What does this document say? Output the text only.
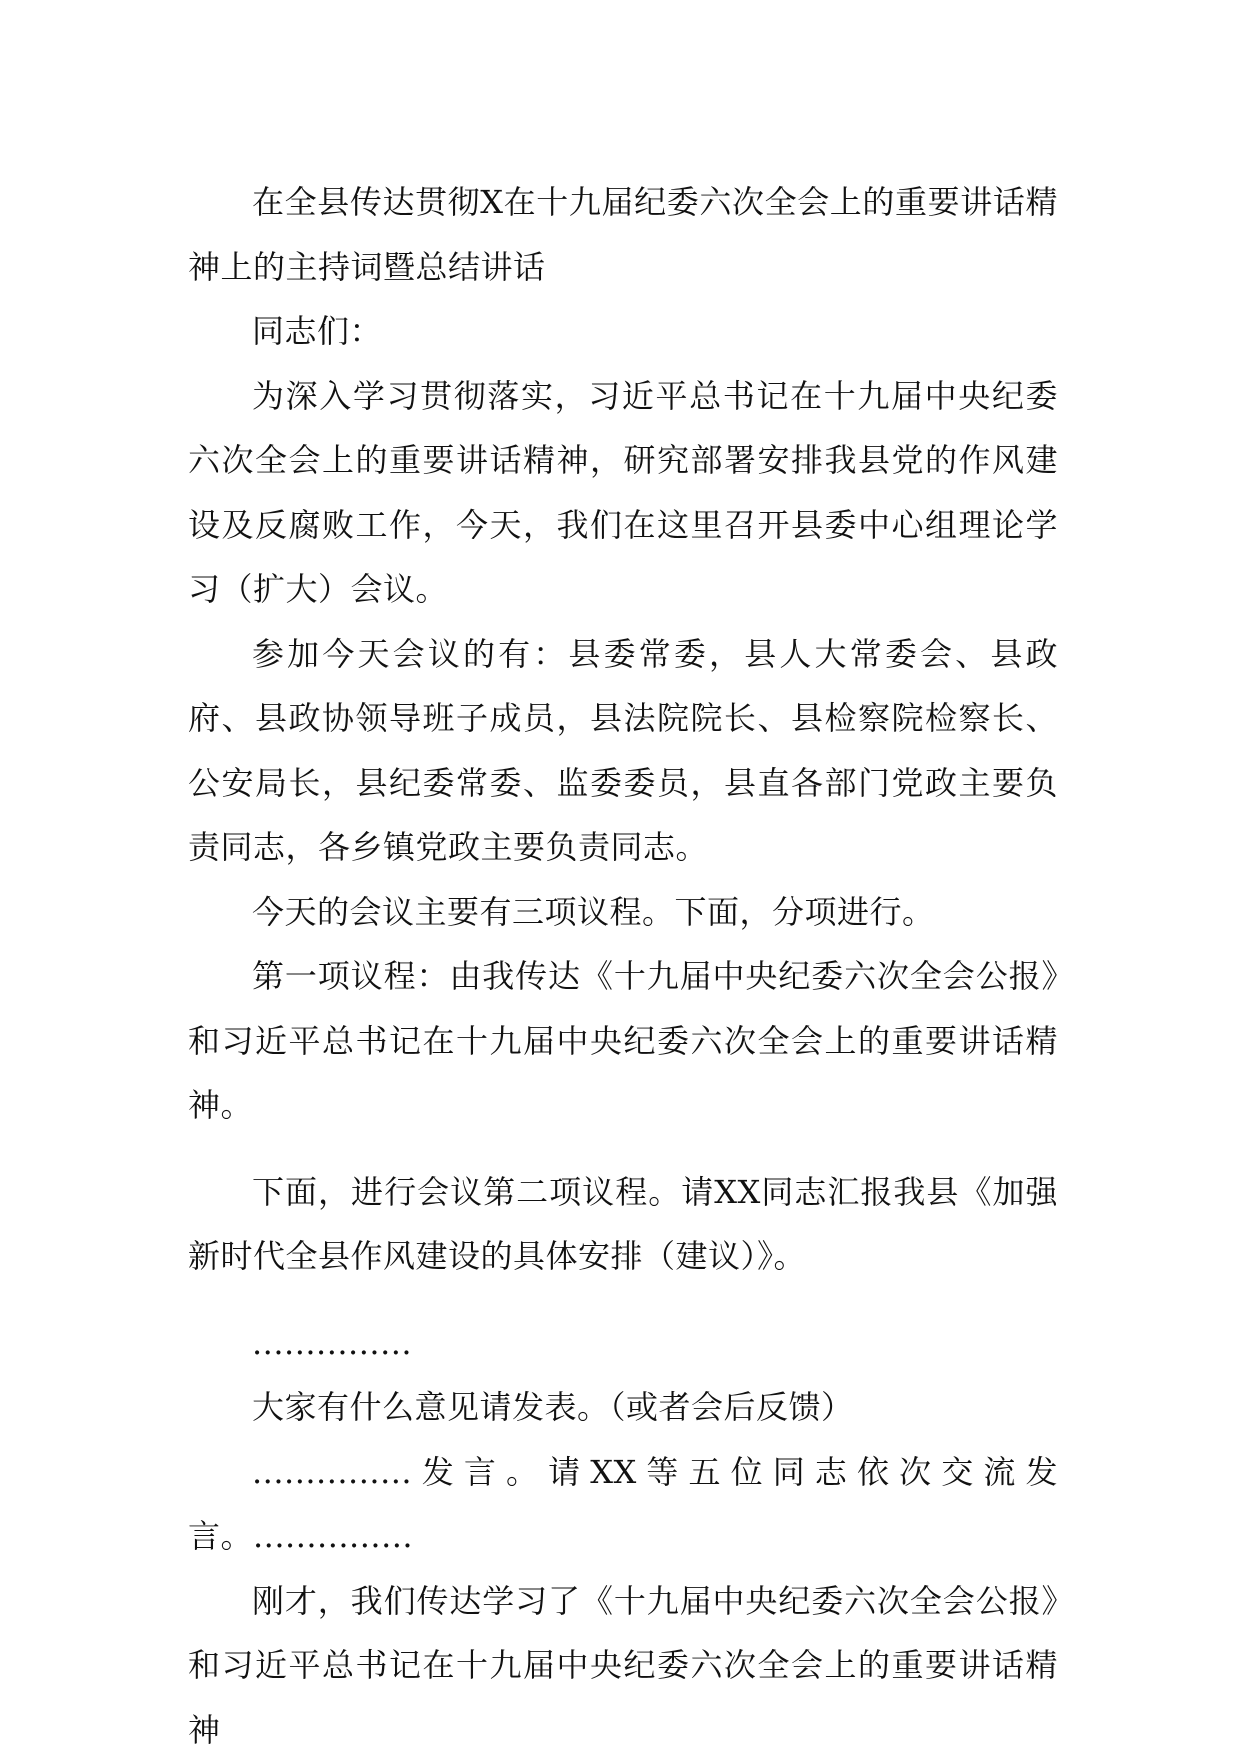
在全县传达贯彻X在十九届纪委六次全会上的重要讲话精神上的主持词暨总结讲话

同志们：

为深入学习贯彻落实，习近平总书记在十九届中央纪委六次全会上的重要讲话精神，研究部署安排我县党的作风建设及反腐败工作，今天，我们在这里召开县委中心组理论学习（扩大）会议。

参加今天会议的有：县委常委，县人大常委会、县政府、县政协领导班子成员，县法院院长、县检察院检察长、公安局长，县纪委常委、监委委员，县直各部门党政主要负责同志，各乡镇党政主要负责同志。

今天的会议主要有三项议程。下面，分项进行。

第一项议程：由我传达《十九届中央纪委六次全会公报》和习近平总书记在十九届中央纪委六次全会上的重要讲话精神。

下面，进行会议第二项议程。请XX同志汇报我县《加强新时代全县作风建设的具体安排（建议）》。

...............

大家有什么意见请发表。（或者会后反馈）

...............发言。请XX等五位同志依次交流发言。...............

刚才，我们传达学习了《十九届中央纪委六次全会公报》和习近平总书记在十九届中央纪委六次全会上的重要讲话精神
